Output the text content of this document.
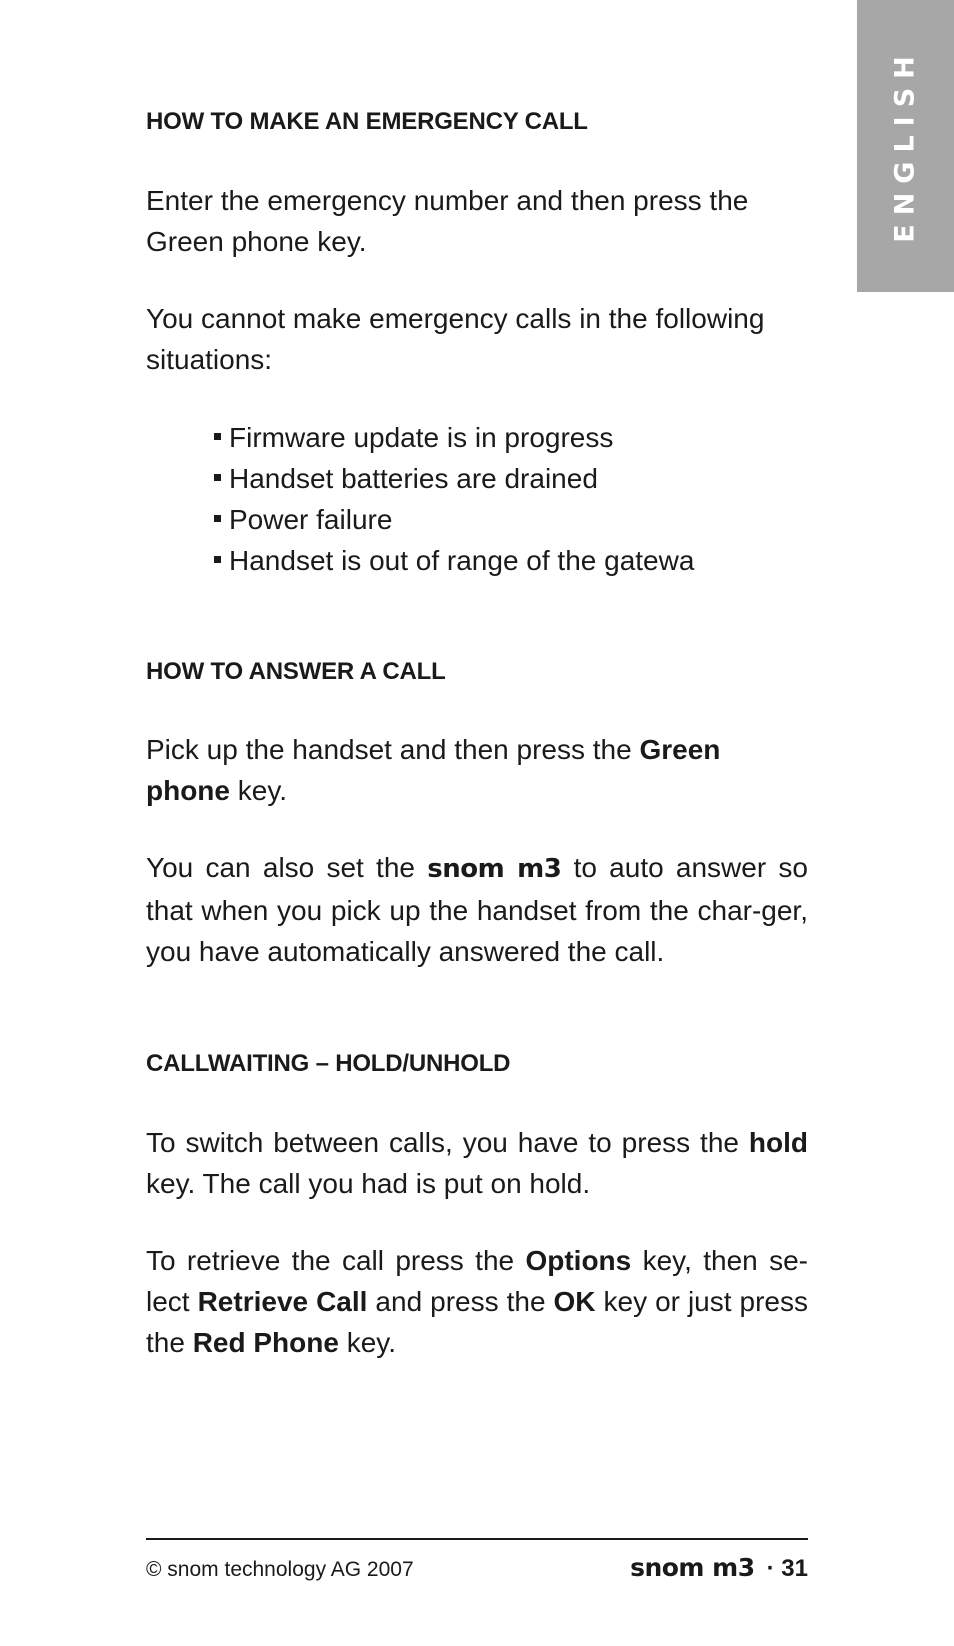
ENGLISH
HOW TO MAKE AN EMERGENCY CALL

Enter the emergency number and then press the Green phone key.

You cannot make emergency calls in the following situations:

Firmware update is in progress
Handset batteries are drained
Power failure
Handset is out of range of the gatewa
HOW TO ANSWER A CALL

Pick up the handset and then press the Green phone key.

You can also set the snom m3 to auto answer so that when you pick up the handset from the char-ger, you have automatically answered the call.

CALLWAITING – HOLD/UNHOLD

To switch between calls, you have to press the hold key. The call you had is put on hold.

To retrieve the call press the Options key, then se-lect Retrieve Call and press the OK key or just press the Red Phone key.

© snom technology AG 2007	snom m3 · 31
